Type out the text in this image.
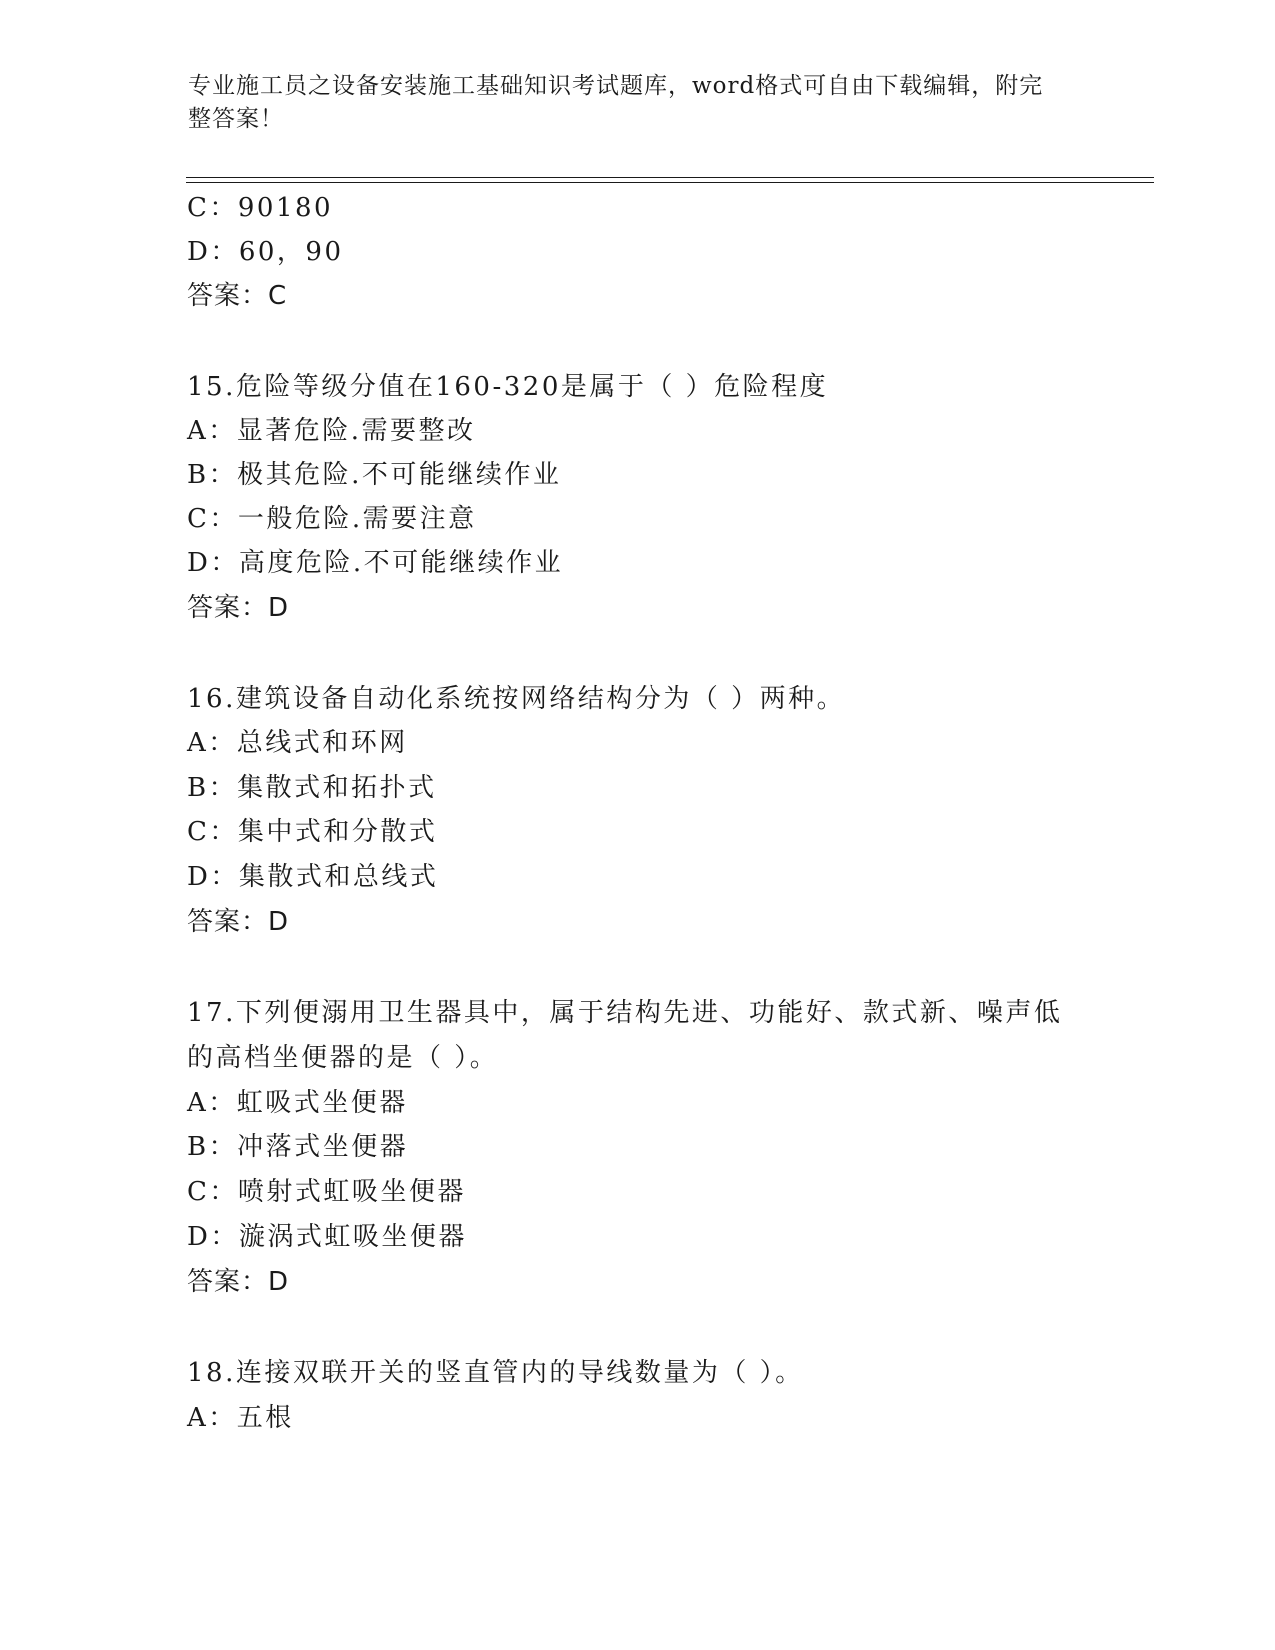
专业施工员之设备安装施工基础知识考试题库，word格式可自由下载编辑，附完
整答案！
C：90180
D：60，90
答案：C
15.危险等级分值在160-320是属于（ ）危险程度
A：显著危险.需要整改
B：极其危险.不可能继续作业
C：一般危险.需要注意
D：高度危险.不可能继续作业
答案：D
16.建筑设备自动化系统按网络结构分为（ ）两种。
A：总线式和环网
B：集散式和拓扑式
C：集中式和分散式
D：集散式和总线式
答案：D
17.下列便溺用卫生器具中，属于结构先进、功能好、款式新、噪声低
的高档坐便器的是（ ）。
A：虹吸式坐便器
B：冲落式坐便器
C：喷射式虹吸坐便器
D：漩涡式虹吸坐便器
答案：D
18.连接双联开关的竖直管内的导线数量为（ ）。
A：五根
